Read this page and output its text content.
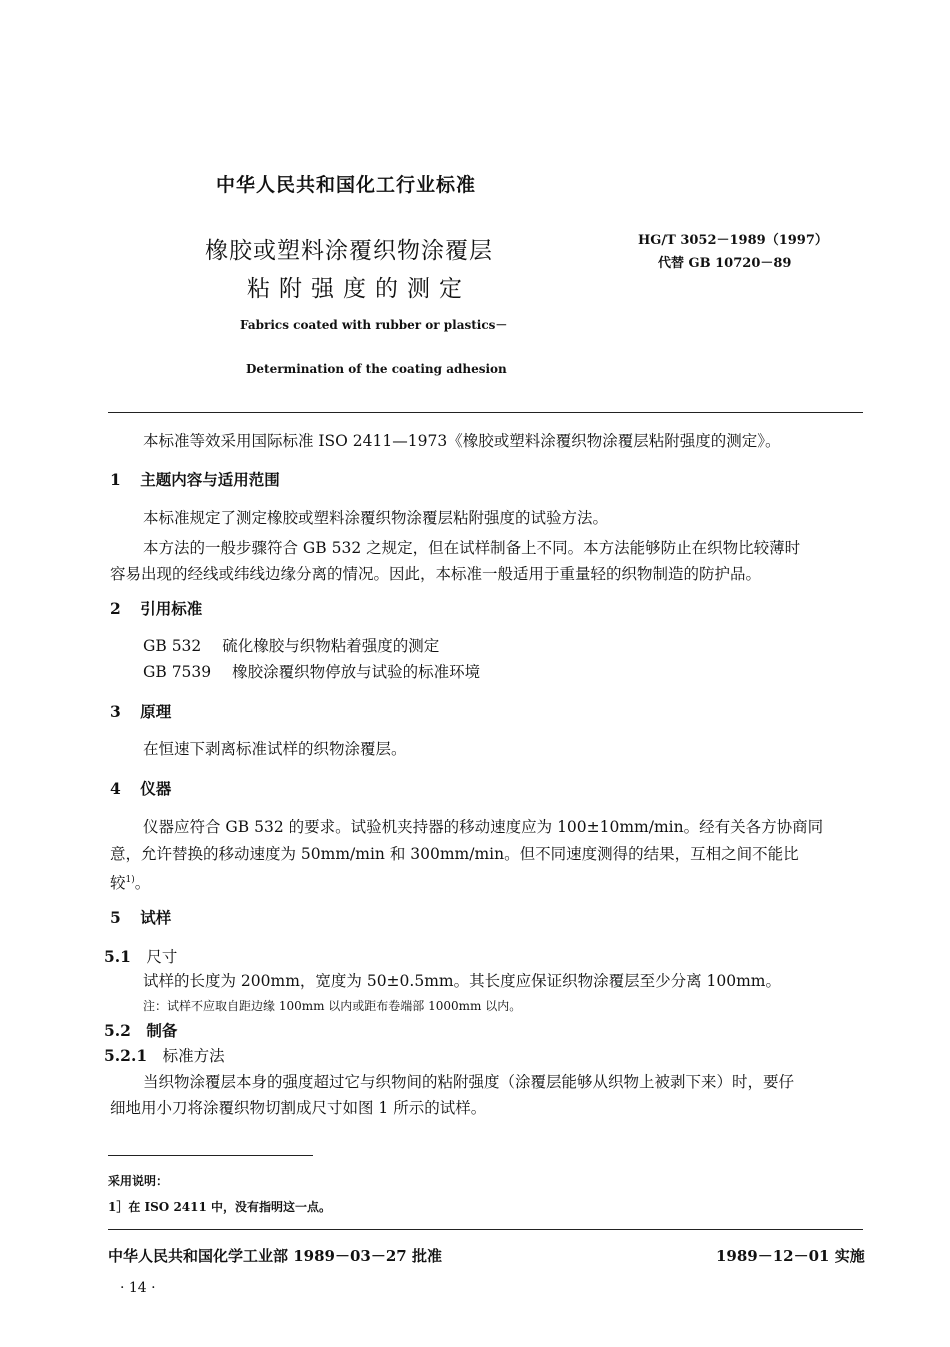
中华人民共和国化工行业标准
橡胶或塑料涂覆织物涂覆层
粘附强度的测定
HG/T 3052－1989（1997）
代替 GB 10720－89
Fabrics coated with rubber or plastics－
Determination of the coating adhesion
本标准等效采用国际标准 ISO 2411—1973《橡胶或塑料涂覆织物涂覆层粘附强度的测定》。
1 主题内容与适用范围
本标准规定了测定橡胶或塑料涂覆织物涂覆层粘附强度的试验方法。
本方法的一般步骤符合 GB 532 之规定，但在试样制备上不同。本方法能够防止在织物比较薄时
容易出现的经线或纬线边缘分离的情况。因此，本标准一般适用于重量轻的织物制造的防护品。
2 引用标准
GB 532 硫化橡胶与织物粘着强度的测定
GB 7539 橡胶涂覆织物停放与试验的标准环境
3 原理
在恒速下剥离标准试样的织物涂覆层。
4 仪器
仪器应符合 GB 532 的要求。试验机夹持器的移动速度应为 100±10mm/min。经有关各方协商同
意，允许替换的移动速度为 50mm/min 和 300mm/min。但不同速度测得的结果，互相之间不能比
较$^{1)}$。
5 试样
5.1 尺寸
试样的长度为 200mm，宽度为 50±0.5mm。其长度应保证织物涂覆层至少分离 100mm。
注：试样不应取自距边缘 100mm 以内或距布卷端部 1000mm 以内。
5.2 制备
5.2.1 标准方法
当织物涂覆层本身的强度超过它与织物间的粘附强度（涂覆层能够从织物上被剥下来）时，要仔
细地用小刀将涂覆织物切割成尺寸如图 1 所示的试样。
采用说明：
1］在 ISO 2411 中，没有指明这一点。
中华人民共和国化学工业部 1989－03－27 批准	1989－12－01 实施
· 14 ·
